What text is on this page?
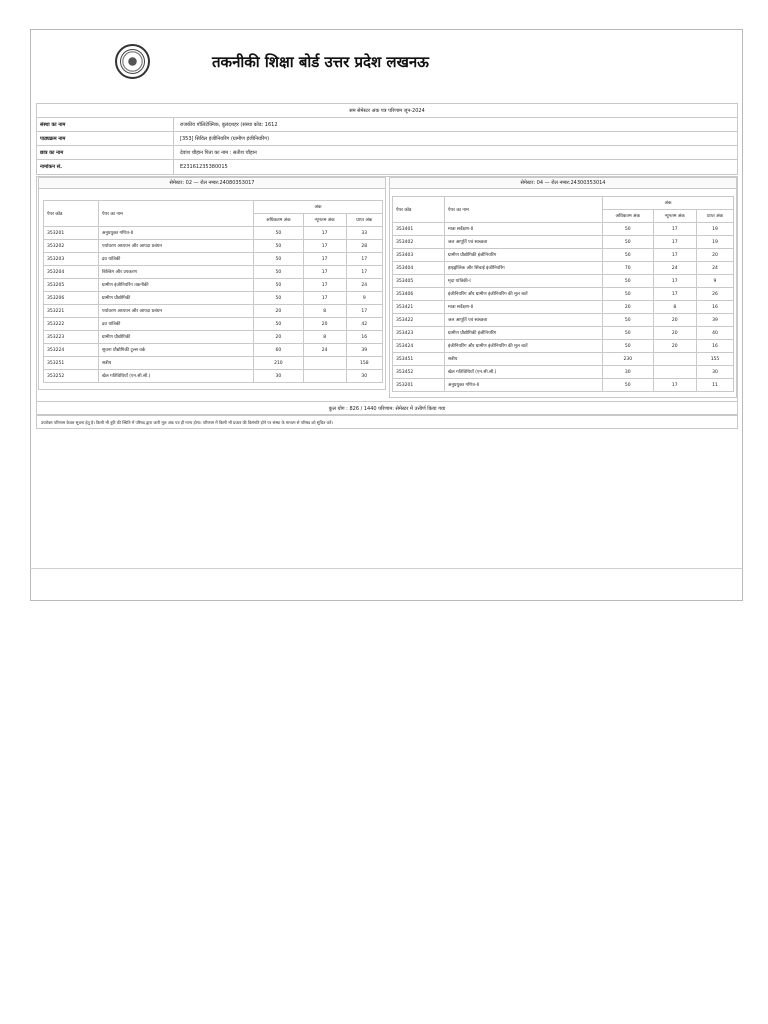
तकनीकी शिक्षा बोर्ड उत्तर प्रदेश लखनऊ
सम सेमेस्टर अंक पत्र परिणाम जून-2024
संस्था का नाम	राजकीय पॉलिटेक्निक, बुलंदशहर (संस्था कोड: 1612
पाठ्यक्रम नाम	[353] सिविल इंजीनियरिंग (ग्रामीण इंजीनियरिंग)
छात्र का नाम	देवांश चौहान पिता का नाम : सतीश चौहान
नामांकन सं.	E23161235380015
सेमेस्टर: 02 — रोल नम्बर:24080353017
पेपर कोड	पेपर का नाम	अंक		
		अधिकतम अंक	न्यूनतम अंक	प्राप्त अंक
353201	अनुप्रयुक्त गणित-II	50	17	33
353202	पर्यावरण अध्ययन और आपदा प्रबंधन	50	17	28
353203	द्रव यांत्रिकी	50	17	17
353204	बिल्डिंग और उपकरण	50	17	17
353205	ग्रामीण इंजीनियरिंग तकनीकी	50	17	24
353206	ग्रामीण प्रौद्योगिकी	50	17	9
353221	पर्यावरण अध्ययन और आपदा प्रबंधन	20	8	17
353222	द्रव यांत्रिकी	50	20	42
353223	ग्रामीण प्रौद्योगिकी	20	8	16
353224	सूचना प्रौद्योगिकी टूल्स वर्क	60	24	39
353251	सत्रीय	210		158
353252	खेल गतिविधियाँ (एन.सी.सी.)	30		30
सेमेस्टर: 04 — रोल नम्बर:24300353014
पेपर कोड	पेपर का नाम	अंक		
		अधिकतम अंक	न्यूनतम अंक	प्राप्त अंक
353401	मात्रा सर्वेक्षण-II	50	17	19
353402	जल आपूर्ति एवं स्वच्छता	50	17	19
353403	ग्रामीण प्रौद्योगिकी इंजीनियरिंग	50	17	20
353404	हाइड्रोलिक और सिंचाई इंजीनियरिंग	70	24	24
353405	मृदा यांत्रिकी-I	50	17	9
353406	इंजीनियरिंग और ग्रामीण इंजीनियरिंग की मूल बातें	50	17	26
353421	मात्रा सर्वेक्षण-II	20	8	16
353422	जल आपूर्ति एवं स्वच्छता	50	20	39
353423	ग्रामीण प्रौद्योगिकी इंजीनियरिंग	50	20	40
353424	इंजीनियरिंग और ग्रामीण इंजीनियरिंग की मूल बातें	50	20	16
353451	सत्रीय	230		155
353452	खेल गतिविधियाँ (एन.सी.सी.)	30		30
353201	अनुप्रयुक्त गणित-II	50	17	11
कुल योग : 826 / 1440 परिणाम: सेमेस्टर में उत्तीर्ण किया गया
उपरोक्त परिणाम केवल सूचना हेतु है। किसी भी त्रुटि की स्थिति में परिषद द्वारा जारी मूल अंक पत्र ही मान्य होगा। परिणाम में किसी भी प्रकार की विसंगति होने पर संस्था के माध्यम से परिषद को सूचित करें।
